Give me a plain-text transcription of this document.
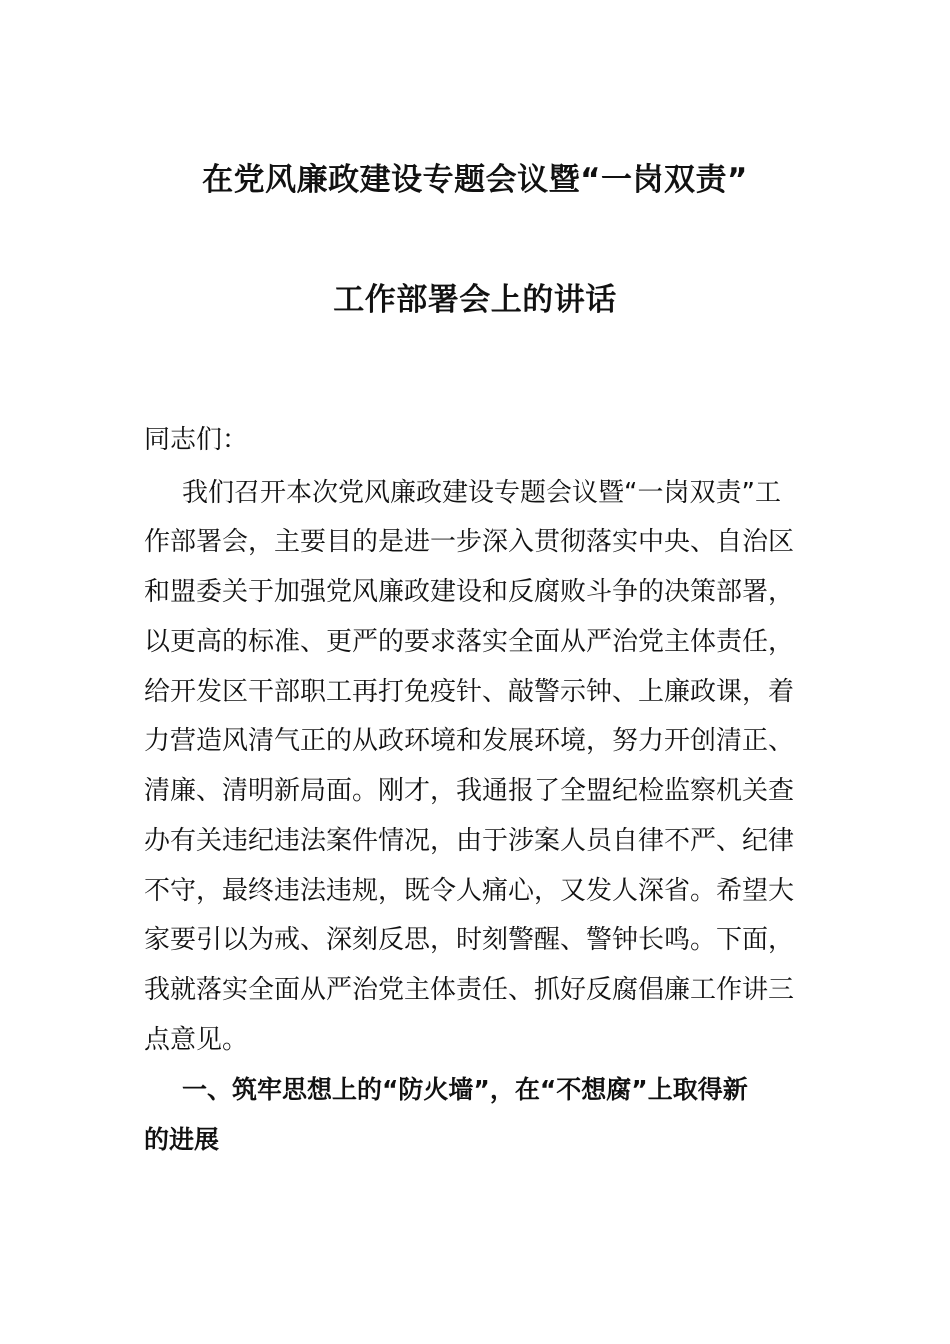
在党风廉政建设专题会议暨“一岗双责”
工作部署会上的讲话
同志们：
我们召开本次党风廉政建设专题会议暨“一岗双责”工
作部署会，主要目的是进一步深入贯彻落实中央、自治区
和盟委关于加强党风廉政建设和反腐败斗争的决策部署，
以更高的标准、更严的要求落实全面从严治党主体责任，
给开发区干部职工再打免疫针、敲警示钟、上廉政课，着
力营造风清气正的从政环境和发展环境，努力开创清正、
清廉、清明新局面。刚才，我通报了全盟纪检监察机关查
办有关违纪违法案件情况，由于涉案人员自律不严、纪律
不守，最终违法违规，既令人痛心，又发人深省。希望大
家要引以为戒、深刻反思，时刻警醒、警钟长鸣。下面，
我就落实全面从严治党主体责任、抓好反腐倡廉工作讲三
点意见。
一、筑牢思想上的“防火墙”，在“不想腐”上取得新
的进展
